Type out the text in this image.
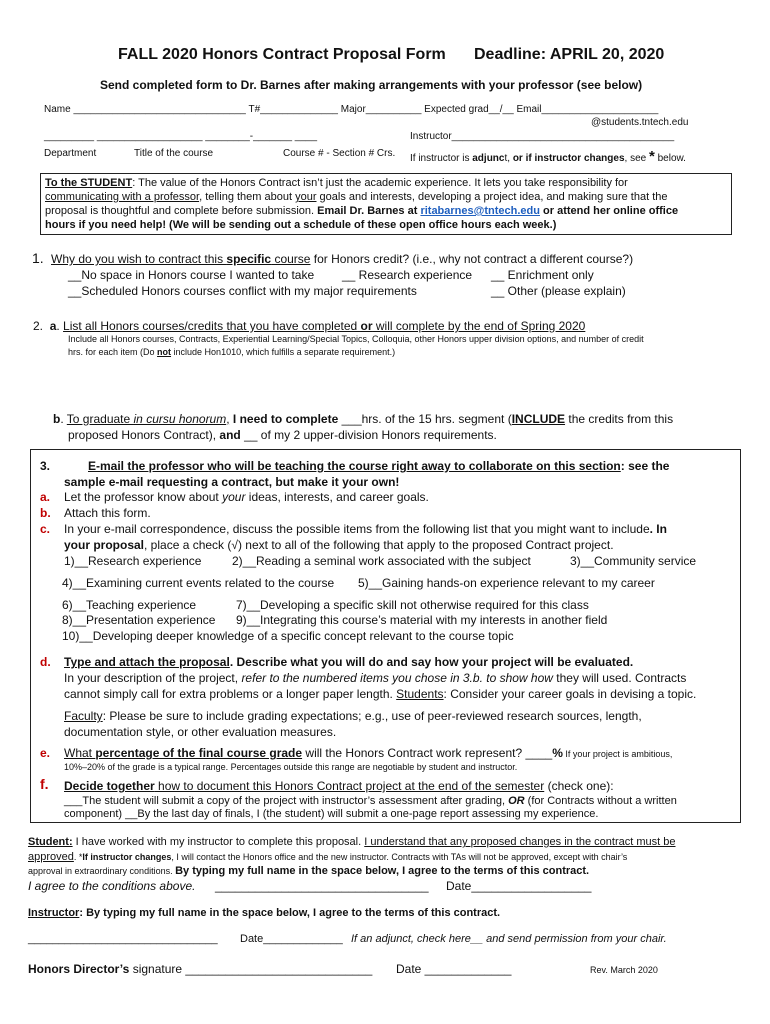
FALL 2020 Honors Contract Proposal Form Deadline: APRIL 20, 2020
Send completed form to Dr. Barnes after making arrangements with your professor (see below)
Name _______________________________ T#______________ Major__________ Expected grad__/__ Email_____________________
@students.tntech.edu
_________ ___________________ ________-_______ ____	Instructor________________________________________
Department	Title of the course	Course # - Section # Crs. If instructor is adjunct, or if instructor changes, see * below.
To the STUDENT: The value of the Honors Contract isn’t just the academic experience. It lets you take responsibility for
communicating with a professor, telling them about your goals and interests, developing a project idea, and making sure that the
proposal is thoughtful and complete before submission. Email Dr. Barnes at ritabarnes@tntech.edu or attend her online office
hours if you need help! (We will be sending out a schedule of these open office hours each week.)
1. Why do you wish to contract this specific course for Honors credit? (i.e., why not contract a different course?)
__No space in Honors course I wanted to take __ Research experience __ Enrichment only
__Scheduled Honors courses conflict with my major requirements	__ Other (please explain)
2. a. List all Honors courses/credits that you have completed or will complete by the end of Spring 2020
Include all Honors courses, Contracts, Experiential Learning/Special Topics, Colloquia, other Honors upper division options, and number of credit
hrs. for each item (Do not include Hon1010, which fulfills a separate requirement.)
b. To graduate in cursu honorum, I need to complete ___hrs. of the 15 hrs. segment (INCLUDE the credits from this
proposed Honors Contract), and __ of my 2 upper-division Honors requirements.
3.	E-mail the professor who will be teaching the course right away to collaborate on this section: see the
sample e-mail requesting a contract, but make it your own!
a. Let the professor know about your ideas, interests, and career goals.
b. Attach this form.
c. In your e-mail correspondence, discuss the possible items from the following list that you might want to include. In
your proposal, place a check (√) next to all of the following that apply to the proposed Contract project.
1)__Research experience	2)__Reading a seminal work associated with the subject	3)__Community service
4)__Examining current events related to the course 5)__Gaining hands-on experience relevant to my career
6)__Teaching experience	7)__Developing a specific skill not otherwise required for this class
8)__Presentation experience 9)__Integrating this course’s material with my interests in another field
10)__Developing deeper knowledge of a specific concept relevant to the course topic
d. Type and attach the proposal. Describe what you will do and say how your project will be evaluated.
In your description of the project, refer to the numbered items you chose in 3.b. to show how they will used. Contracts
cannot simply call for extra problems or a longer paper length. Students: Consider your career goals in devising a topic.
Faculty: Please be sure to include grading expectations; e.g., use of peer-reviewed research sources, length,
documentation style, or other evaluation measures.
e. What percentage of the final course grade will the Honors Contract work represent? ____% If your project is ambitious,
10%–20% of the grade is a typical range. Percentages outside this range are negotiable by student and instructor.
f. Decide together how to document this Honors Contract project at the end of the semester (check one):
___The student will submit a copy of the project with instructor’s assessment after grading, OR (for Contracts without a written
component) __By the last day of finals, I (the student) will submit a one-page report assessing my experience.
Student: I have worked with my instructor to complete this proposal. I understand that any proposed changes in the contract must be
approved. *If instructor changes, I will contact the Honors office and the new instructor. Contracts with TAs will not be approved, except with chair’s
approval in extraordinary conditions. By typing my full name in the space below, I agree to the terms of this contract.
I agree to the conditions above. ________________________________ Date__________________
Instructor: By typing my full name in the space below, I agree to the terms of this contract.
_______________________________ Date_____________ If an adjunct, check here__ and send permission from your chair.
Honors Director’s signature ____________________________ Date _____________	Rev. March 2020
